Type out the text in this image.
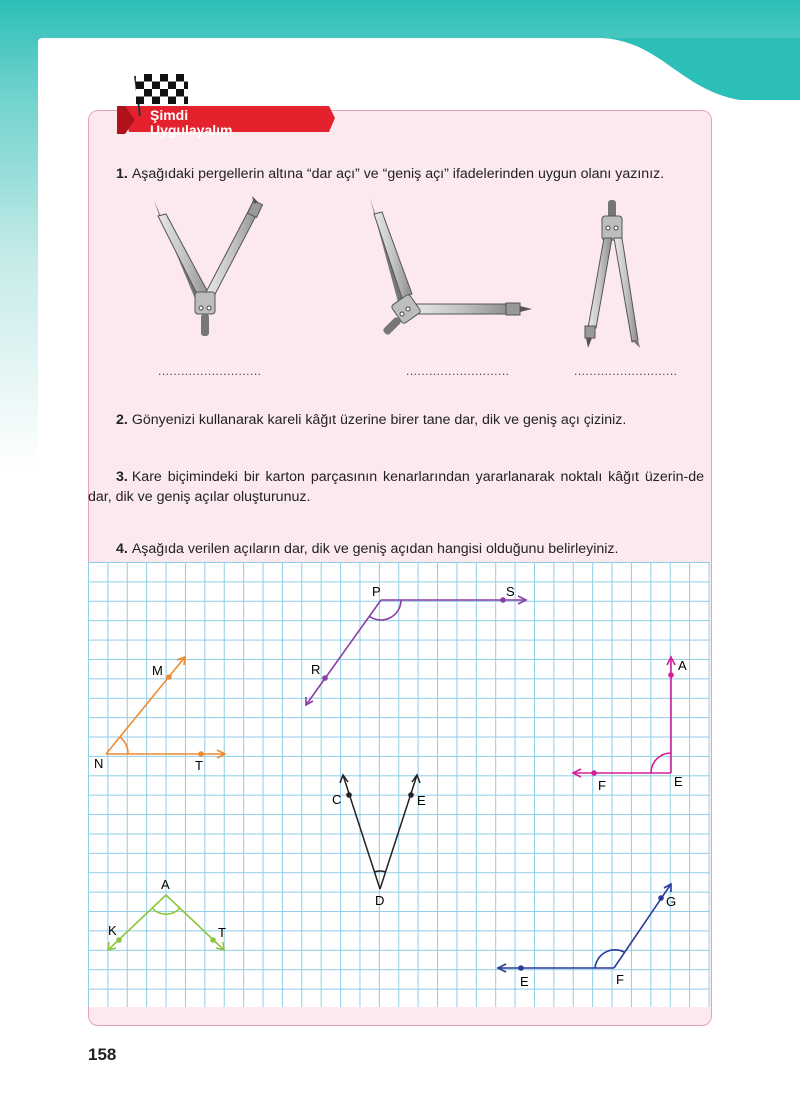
Şimdi
Uygulayalım
1. Aşağıdaki pergellerin altına “dar açı” ve “geniş açı” ifadelerinden uygun olanı yazınız.
...........................	...........................	...........................
2. Gönyenizi kullanarak kareli kâğıt üzerine birer tane dar, dik ve geniş açı çiziniz.
3. Kare biçimindeki bir karton parçasının kenarlarından yararlanarak noktalı kâğıt üzerin-de dar, dik ve geniş açılar oluşturunuz.
4. Aşağıda verilen açıların dar, dik ve geniş açıdan hangisi olduğunu belirleyiniz.
N
M
T
P
R
S
A
E
F
C	E
D
A
K	T
G
F
E
158
